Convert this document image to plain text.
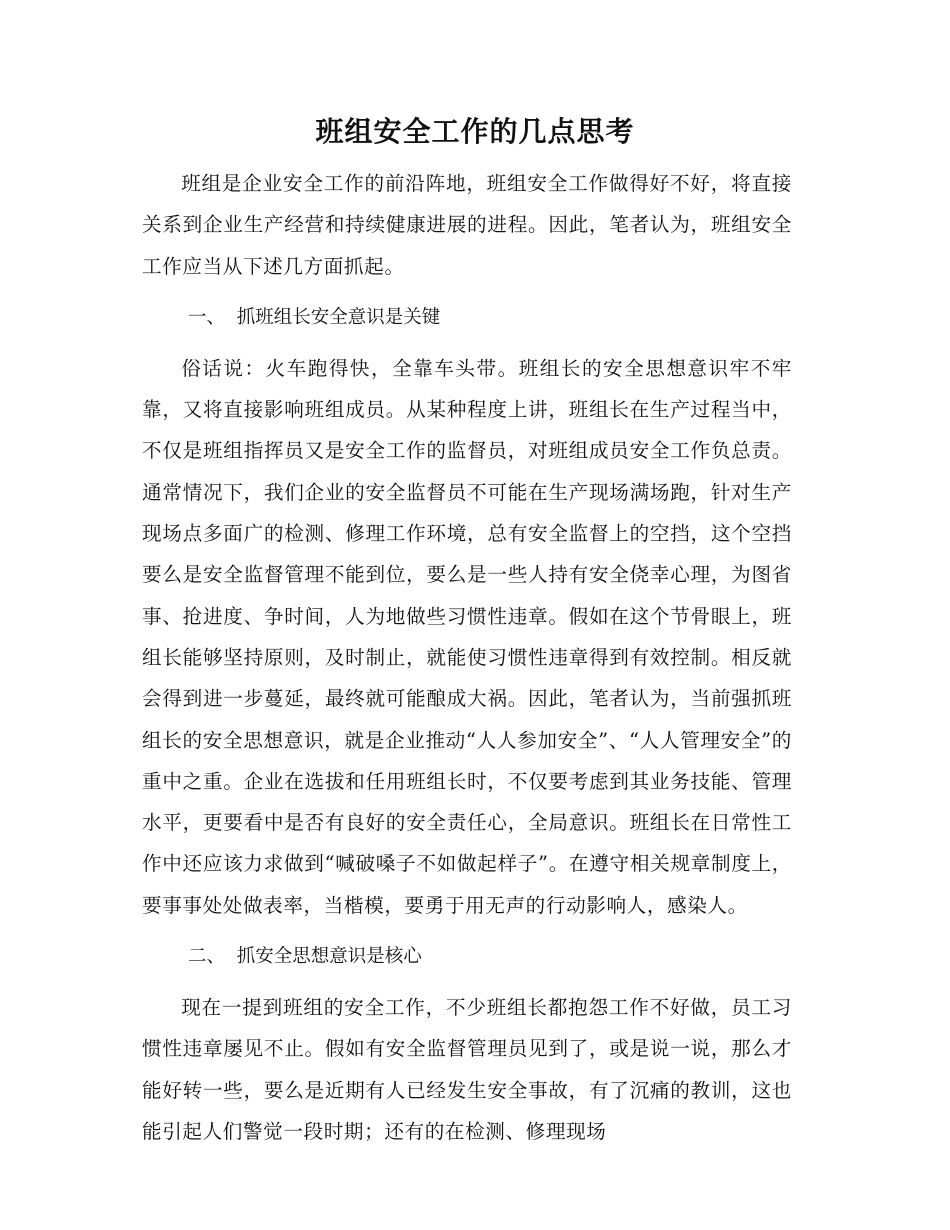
班组安全工作的几点思考

班组是企业安全工作的前沿阵地，班组安全工作做得好不好，将直接关系到企业生产经营和持续健康进展的进程。因此，笔者认为，班组安全工作应当从下述几方面抓起。

一、  抓班组长安全意识是关键

俗话说：火车跑得快，全靠车头带。班组长的安全思想意识牢不牢靠，又将直接影响班组成员。从某种程度上讲，班组长在生产过程当中，不仅是班组指挥员又是安全工作的监督员，对班组成员安全工作负总责。通常情况下，我们企业的安全监督员不可能在生产现场满场跑，针对生产现场点多面广的检测、修理工作环境，总有安全监督上的空挡，这个空挡要么是安全监督管理不能到位，要么是一些人持有安全侥幸心理，为图省事、抢进度、争时间，人为地做些习惯性违章。假如在这个节骨眼上，班组长能够坚持原则，及时制止，就能使习惯性违章得到有效控制。相反就会得到进一步蔓延，最终就可能酿成大祸。因此，笔者认为，当前强抓班组长的安全思想意识，就是企业推动“人人参加安全”、“人人管理安全”的重中之重。企业在选拔和任用班组长时，不仅要考虑到其业务技能、管理水平，更要看中是否有良好的安全责任心，全局意识。班组长在日常性工作中还应该力求做到“喊破嗓子不如做起样子”。在遵守相关规章制度上，要事事处处做表率，当楷模，要勇于用无声的行动影响人，感染人。

二、  抓安全思想意识是核心

现在一提到班组的安全工作，不少班组长都抱怨工作不好做，员工习惯性违章屡见不止。假如有安全监督管理员见到了，或是说一说，那么才能好转一些，要么是近期有人已经发生安全事故，有了沉痛的教训，这也能引起人们警觉一段时期；还有的在检测、修理现场
